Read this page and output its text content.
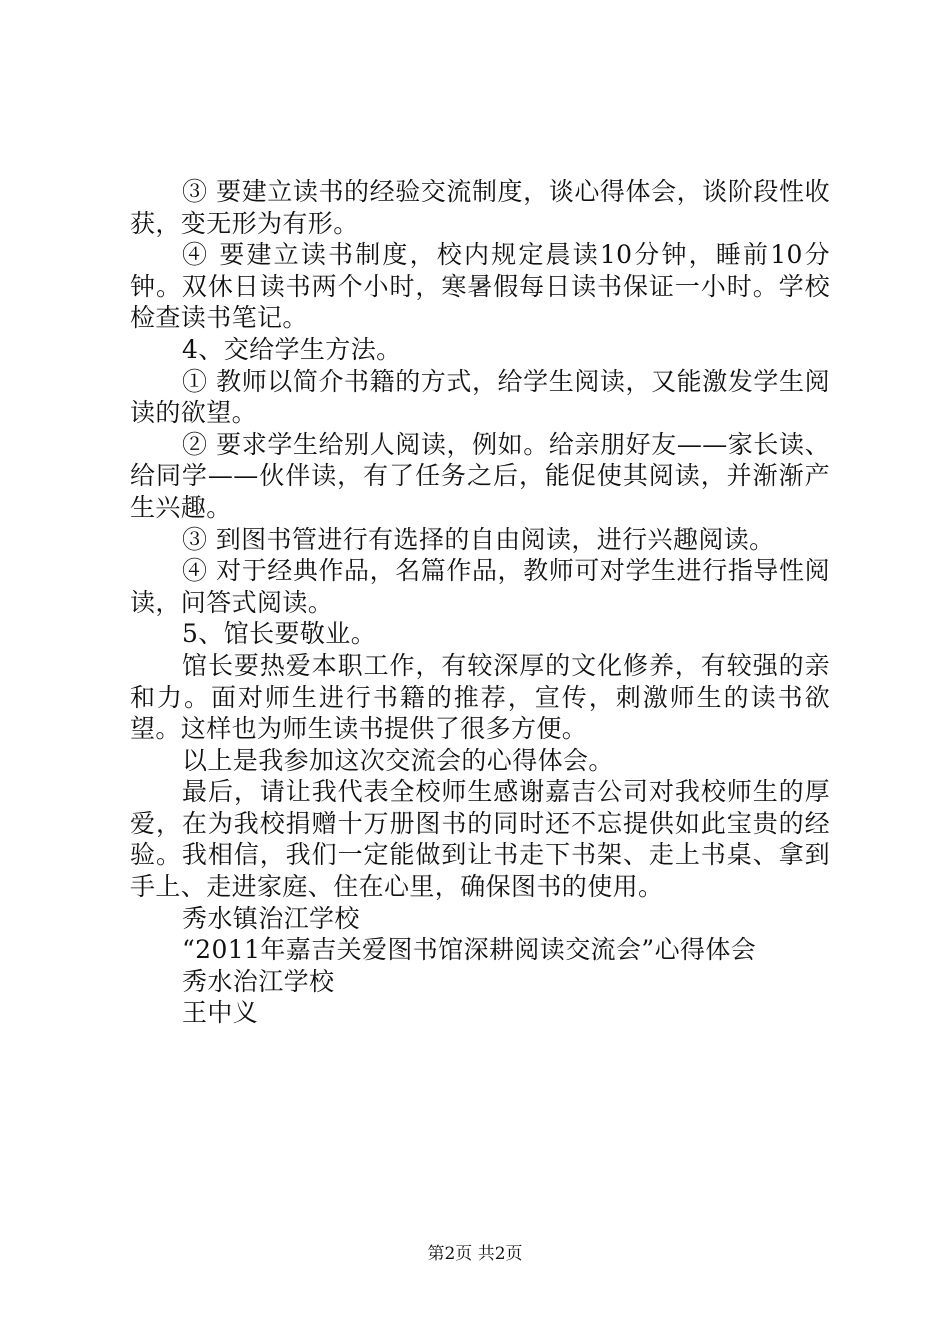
③ 要建立读书的经验交流制度，谈心得体会，谈阶段性收获，变无形为有形。

④ 要建立读书制度，校内规定晨读10分钟，睡前10分钟。双休日读书两个小时，寒暑假每日读书保证一小时。学校检查读书笔记。

4、交给学生方法。

① 教师以简介书籍的方式，给学生阅读，又能激发学生阅读的欲望。

② 要求学生给别人阅读，例如。给亲朋好友——家长读、给同学——伙伴读，有了任务之后，能促使其阅读，并渐渐产生兴趣。

③ 到图书管进行有选择的自由阅读，进行兴趣阅读。

④ 对于经典作品，名篇作品，教师可对学生进行指导性阅读，问答式阅读。

5、馆长要敬业。

馆长要热爱本职工作，有较深厚的文化修养，有较强的亲和力。面对师生进行书籍的推荐，宣传，刺激师生的读书欲望。这样也为师生读书提供了很多方便。

以上是我参加这次交流会的心得体会。

最后，请让我代表全校师生感谢嘉吉公司对我校师生的厚爱，在为我校捐赠十万册图书的同时还不忘提供如此宝贵的经验。我相信，我们一定能做到让书走下书架、走上书桌、拿到手上、走进家庭、住在心里，确保图书的使用。

秀水镇治江学校

“2011年嘉吉关爱图书馆深耕阅读交流会”心得体会

秀水治江学校

王中义

第2页 共2页
